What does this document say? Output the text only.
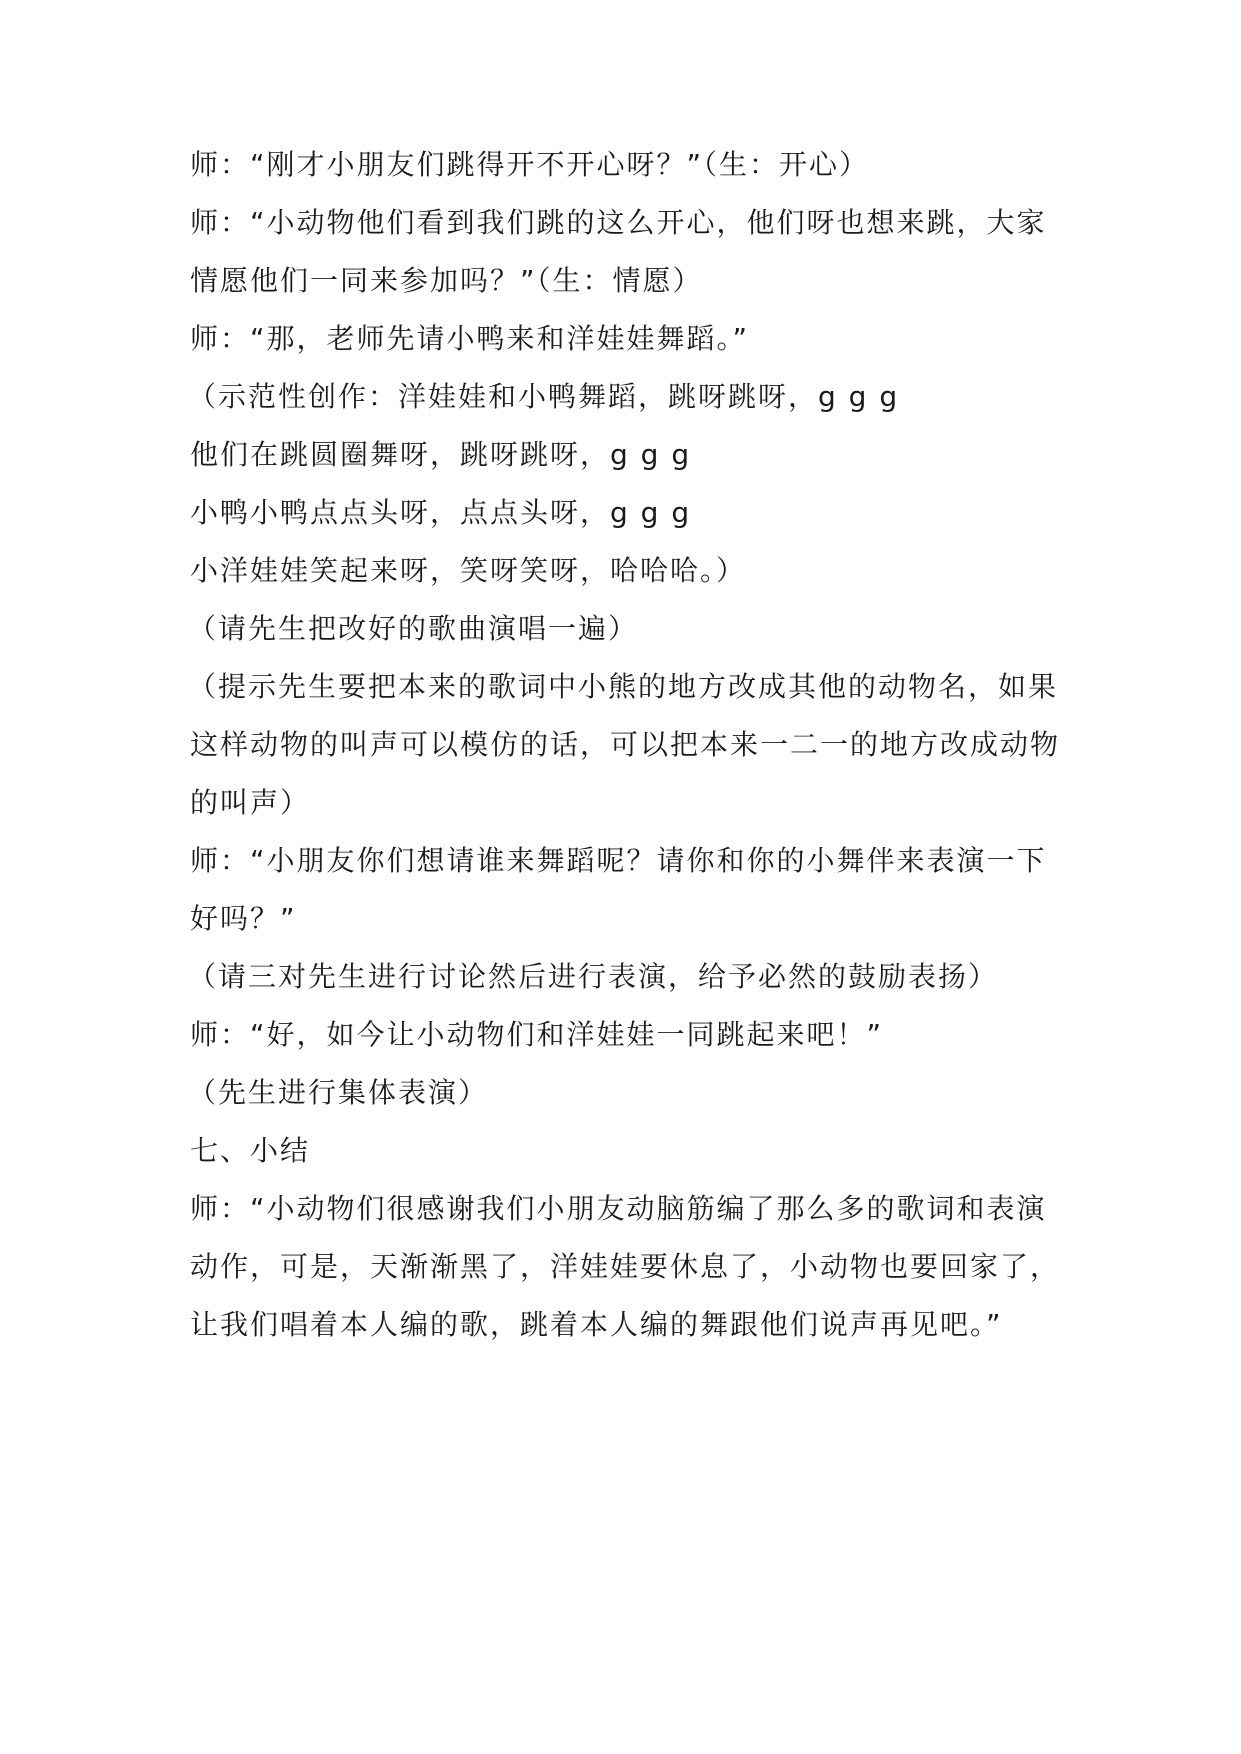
师：“刚才小朋友们跳得开不开心呀？”（生：开心）
师：“小动物他们看到我们跳的这么开心，他们呀也想来跳，大家
情愿他们一同来参加吗？”（生：情愿）
师：“那，老师先请小鸭来和洋娃娃舞蹈。”
（示范性创作：洋娃娃和小鸭舞蹈，跳呀跳呀，g g g
他们在跳圆圈舞呀，跳呀跳呀，g g g
小鸭小鸭点点头呀，点点头呀，g g g
小洋娃娃笑起来呀，笑呀笑呀，哈哈哈。）
（请先生把改好的歌曲演唱一遍）
（提示先生要把本来的歌词中小熊的地方改成其他的动物名，如果
这样动物的叫声可以模仿的话，可以把本来一二一的地方改成动物
的叫声）
师：“小朋友你们想请谁来舞蹈呢？请你和你的小舞伴来表演一下
好吗？”
（请三对先生进行讨论然后进行表演，给予必然的鼓励表扬）
师：“好，如今让小动物们和洋娃娃一同跳起来吧！”
（先生进行集体表演）
七、小结
师：“小动物们很感谢我们小朋友动脑筋编了那么多的歌词和表演
动作，可是，天渐渐黑了，洋娃娃要休息了，小动物也要回家了，
让我们唱着本人编的歌，跳着本人编的舞跟他们说声再见吧。”
